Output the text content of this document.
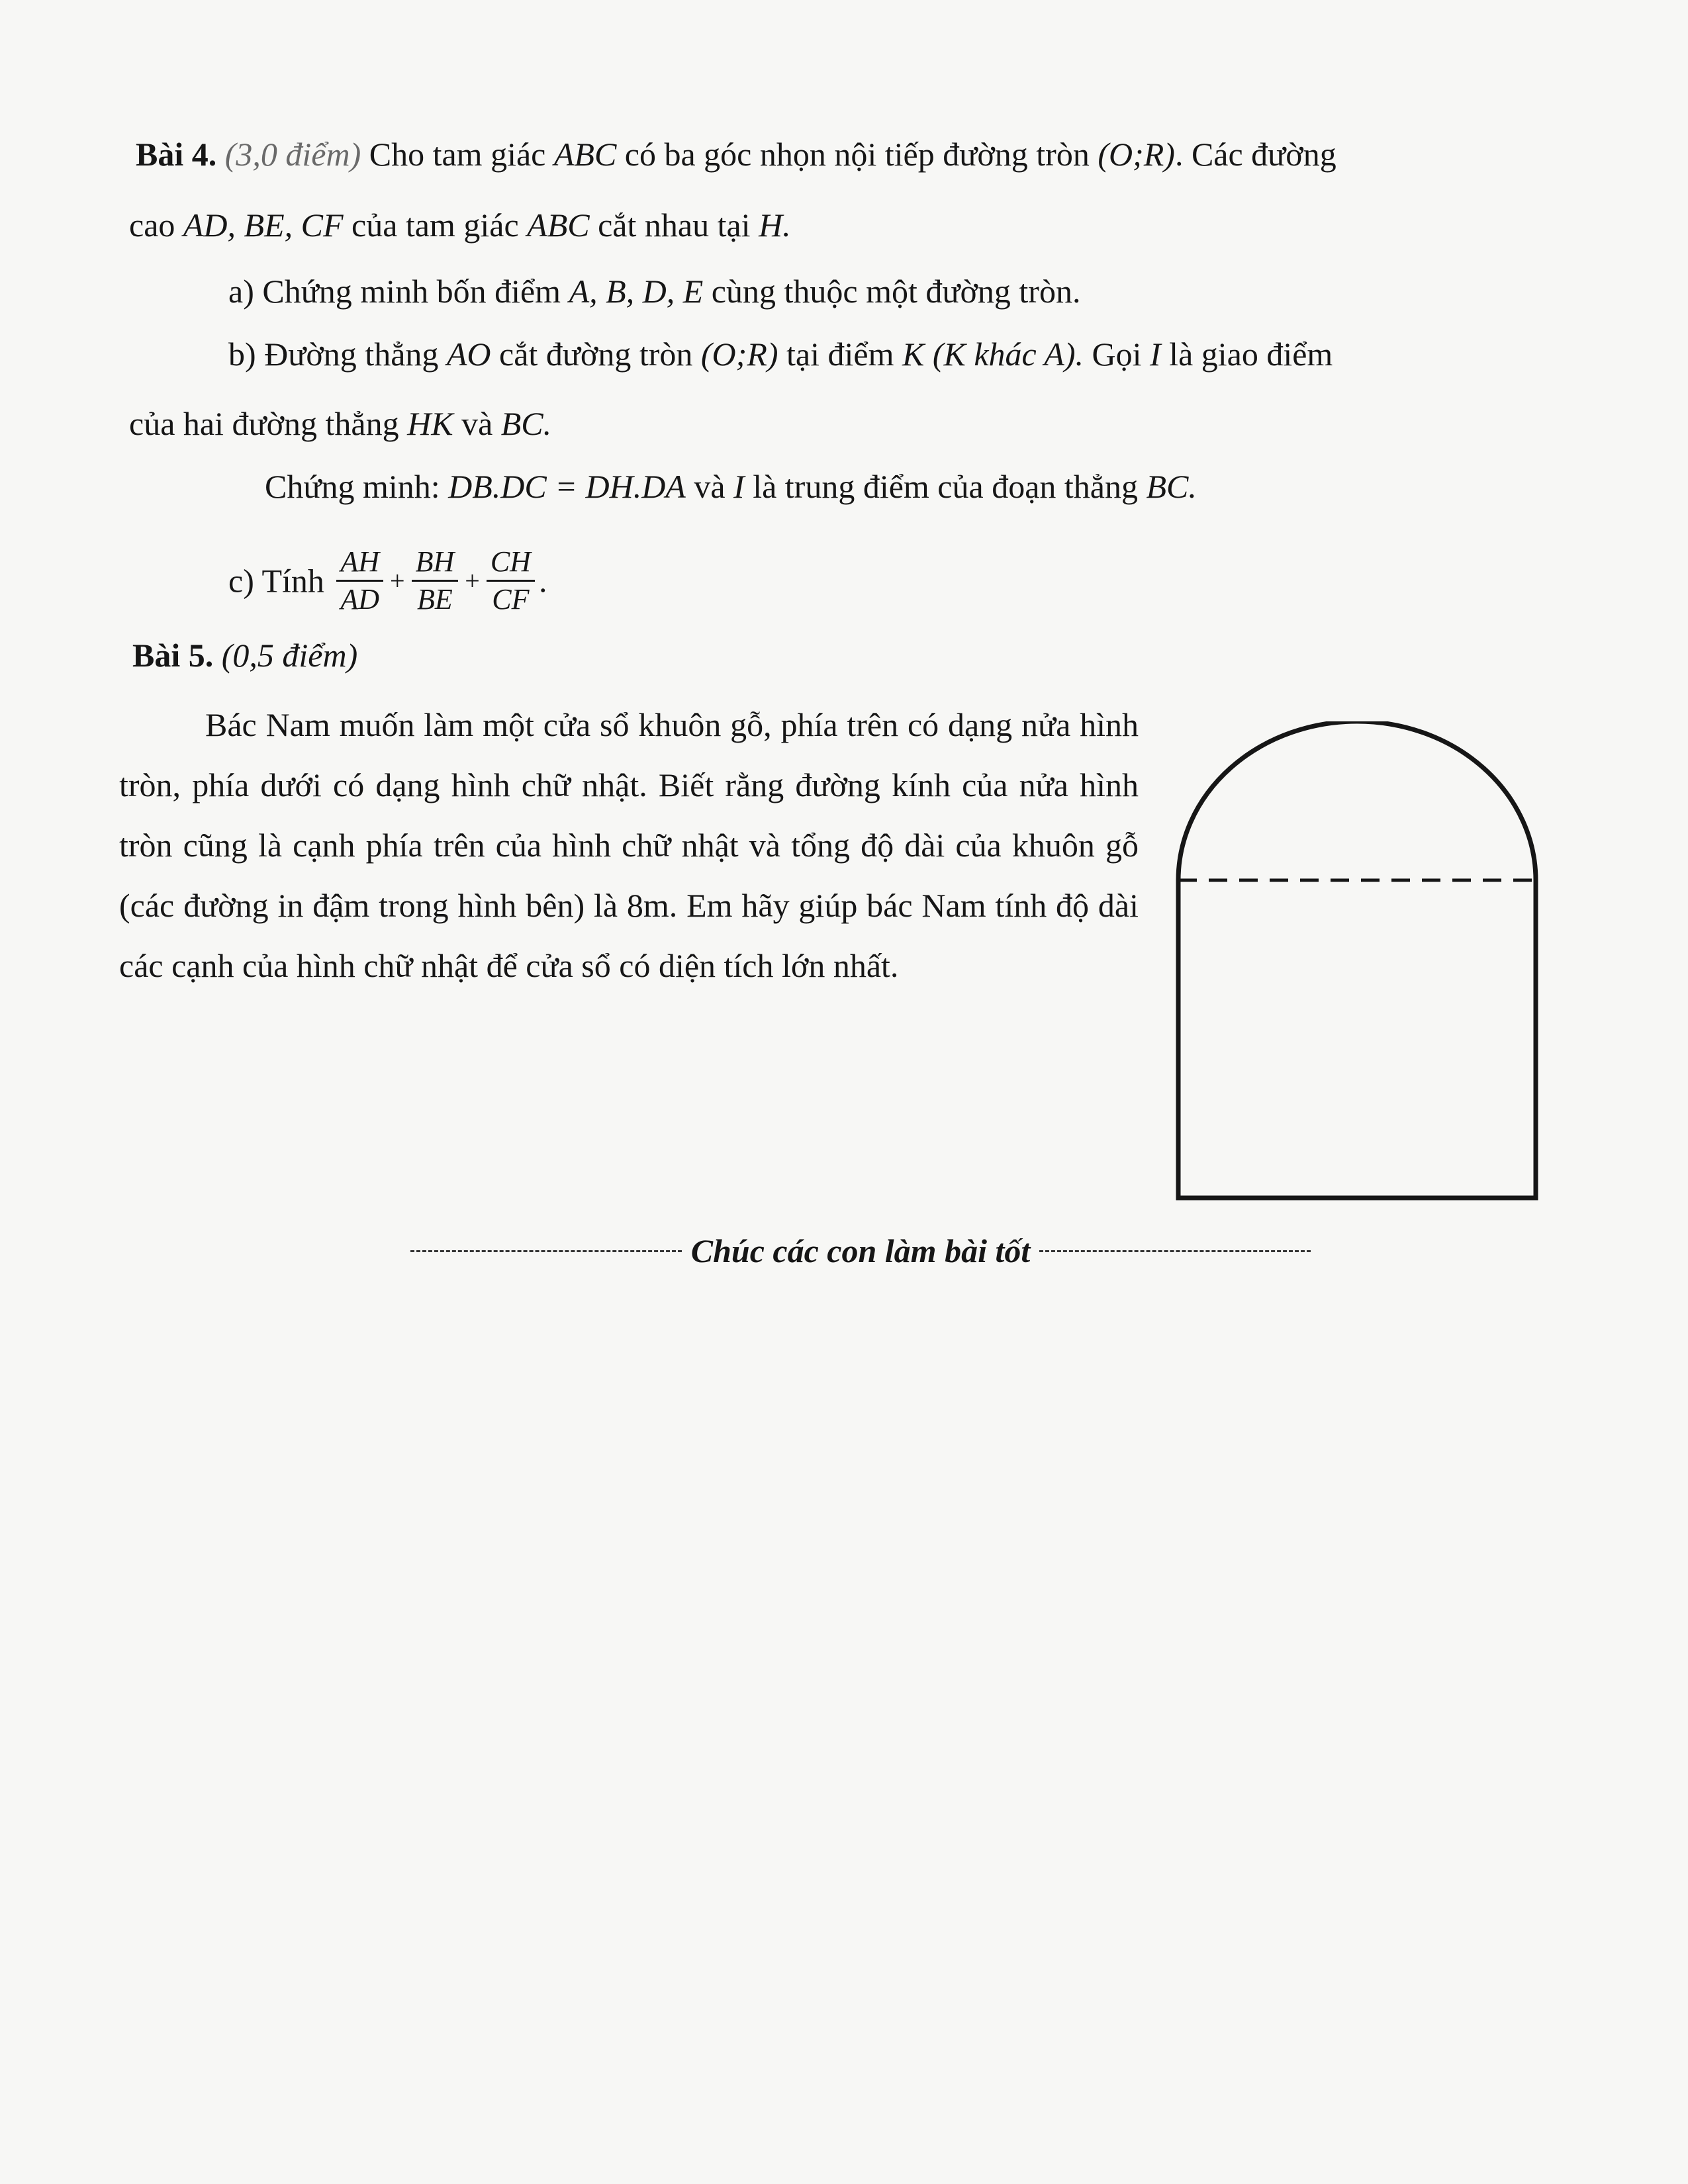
Bài 4. (3,0 điểm) Cho tam giác ABC có ba góc nhọn nội tiếp đường tròn (O;R). Các đường
cao AD, BE, CF của tam giác ABC cắt nhau tại H.
a) Chứng minh bốn điểm A, B, D, E cùng thuộc một đường tròn.
b) Đường thẳng AO cắt đường tròn (O;R) tại điểm K (K khác A). Gọi I là giao điểm
của hai đường thẳng HK và BC.
Chứng minh: DB.DC = DH.DA và I là trung điểm của đoạn thẳng BC.
c) Tính $\frac{AH}{AD} + \frac{BH}{BE} + \frac{CH}{CF}$ .
Bài 5. (0,5 điểm)

Bác Nam muốn làm một cửa sổ khuôn gỗ, phía trên có dạng nửa hình tròn, phía dưới có dạng hình chữ nhật. Biết rằng đường kính của nửa hình tròn cũng là cạnh phía trên của hình chữ nhật và tổng độ dài của khuôn gỗ (các đường in đậm trong hình bên) là 8m. Em hãy giúp bác Nam tính độ dài các cạnh của hình chữ nhật để cửa sổ có diện tích lớn nhất.

Chúc các con làm bài tốt
